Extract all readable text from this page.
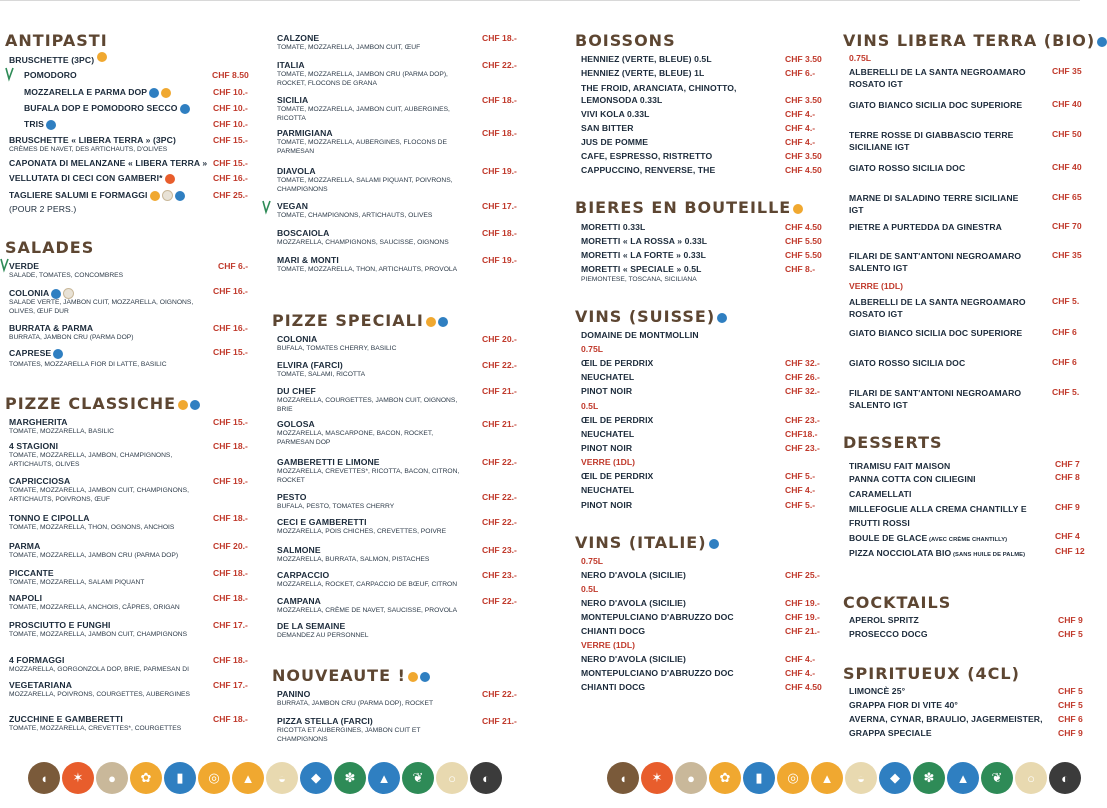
ANTIPASTI
BRUSCHETTE (3PC)
POMODORO	CHF 8.50
MOZZARELLA E PARMA DOP	CHF 10.-
BUFALA DOP E POMODORO SECCO	CHF 10.-
TRIS	CHF 10.-
BRUSCHETTE « LIBERA TERRA » (3PC)
CRÈMES DE NAVET, DES ARTICHAUTS, D'OLIVES
CHF 15.-
CAPONATA DI MELANZANE « LIBERA TERRA » CHF 15.-
VELLUTATA DI CECI CON GAMBERI*	CHF 16.-
TAGLIERE SALUMI E FORMAGGI
(POUR 2 PERS.)
CHF 25.-
SALADES
VERDE
SALADE, TOMATES, CONCOMBRES
CHF 6.-
COLONIA
SALADE VERTE, JAMBON CUIT, MOZZARELLA, OIGNONS, OLIVES, ŒUF DUR
CHF 16.-
BURRATA & PARMA
BURRATA, JAMBON CRU (PARMA DOP)
CHF 16.-
CAPRESE
TOMATES, MOZZARELLA FIOR DI LATTE, BASILIC
CHF 15.-
PIZZE CLASSICHE
MARGHERITA
TOMATE, MOZZARELLA, BASILIC
CHF 15.-
4 STAGIONI
TOMATE, MOZZARELLA, JAMBON, CHAMPIGNONS, ARTICHAUTS, OLIVES
CHF 18.-
CAPRICCIOSA
TOMATE, MOZZARELLA, JAMBON CUIT, CHAMPIGNONS, ARTICHAUTS, POIVRONS, ŒUF
CHF 19.-
TONNO E CIPOLLA
TOMATE, MOZZARELLA, THON, OGNONS, ANCHOIS
CHF 18.-
PARMA
TOMATE, MOZZARELLA, JAMBON CRU (PARMA DOP)
CHF 20.-
PICCANTE
TOMATE, MOZZARELLA, SALAMI PIQUANT
CHF 18.-
NAPOLI
TOMATE, MOZZARELLA, ANCHOIS, CÂPRES, ORIGAN
CHF 18.-
PROSCIUTTO E FUNGHI
TOMATE, MOZZARELLA, JAMBON CUIT, CHAMPIGNONS
CHF 17.-
4 FORMAGGI
MOZZARELLA, GORGONZOLA DOP, BRIE, PARMESAN DI
CHF 18.-
VEGETARIANA
MOZZARELLA, POIVRONS, COURGETTES, AUBERGINES
CHF 17.-
ZUCCHINE E GAMBERETTI
TOMATE, MOZZARELLA, CREVETTES*, COURGETTES
CHF 18.-
CALZONE
TOMATE, MOZZARELLA, JAMBON CUIT, ŒUF
CHF 18.-
ITALIA
TOMATE, MOZZARELLA, JAMBON CRU (PARMA DOP), ROCKET, FLOCONS DE GRANA
CHF 22.-
SICILIA
TOMATE, MOZZARELLA, JAMBON CUIT, AUBERGINES, RICOTTA
CHF 18.-
PARMIGIANA
TOMATE, MOZZARELLA, AUBERGINES, FLOCONS DE PARMESAN
CHF 18.-
DIAVOLA
TOMATE, MOZZARELLA, SALAMI PIQUANT, POIVRONS, CHAMPIGNONS
CHF 19.-
VEGAN
TOMATE, CHAMPIGNONS, ARTICHAUTS, OLIVES
CHF 17.-
BOSCAIOLA
MOZZARELLA, CHAMPIGNONS, SAUCISSE, OIGNONS
CHF 18.-
MARI & MONTI
TOMATE, MOZZARELLA, THON, ARTICHAUTS, PROVOLA
CHF 19.-
COLONIA
BUFALA, TOMATES CHERRY, BASILIC
CHF 20.-
ELVIRA (FARCI)
TOMATE, SALAMI, RICOTTA
CHF 22.-
DU CHEF
MOZZARELLA, COURGETTES, JAMBON CUIT, OIGNONS, BRIE
CHF 21.-
GOLOSA
MOZZARELLA, MASCARPONE, BACON, ROCKET, PARMESAN DOP
CHF 21.-
GAMBERETTI E LIMONE
MOZZARELLA, CREVETTES*, RICOTTA, BACON, CITRON, ROCKET
CHF 22.-
PESTO
BUFALA, PESTO, TOMATES CHERRY
CHF 22.-
CECI E GAMBERETTI
MOZZARELLA, POIS CHICHES, CREVETTES, POIVRE
CHF 22.-
SALMONE
MOZZARELLA, BURRATA, SALMON, PISTACHES
CHF 23.-
CARPACCIO
MOZZARELLA, ROCKET, CARPACCIO DE BŒUF, CITRON
CHF 23.-
CAMPANA
MOZZARELLA, CRÈME DE NAVET, SAUCISSE, PROVOLA
CHF 22.-
DE LA SEMAINE
DEMANDEZ AU PERSONNEL
PANINO
BURRATA, JAMBON CRU (PARMA DOP), ROCKET
CHF 22.-
PIZZA STELLA (FARCI)
RICOTTA ET AUBERGINES, JAMBON CUIT ET CHAMPIGNONS
CHF 21.-
PIZZE SPECIALI
NOUVEAUTE !
BOISSONS
BIERES EN BOUTEILLE
VINS (SUISSE)
VINS (ITALIE)
HENNIEZ (VERTE, BLEUE) 0.5L	CHF 3.50
HENNIEZ (VERTE, BLEUE) 1L	CHF 6.-
THE FROID, ARANCIATA, CHINOTTO,
LEMONSODA 0.33L	CHF 3.50
VIVI KOLA 0.33L	CHF 4.-
SAN BITTER	CHF 4.-
JUS DE POMME	CHF 4.-
CAFE, ESPRESSO, RISTRETTO	CHF 3.50
CAPPUCCINO, RENVERSE, THE	CHF 4.50
MORETTI 0.33L	CHF 4.50
MORETTI « LA ROSSA » 0.33L	CHF 5.50
MORETTI « LA FORTE » 0.33L	CHF 5.50
MORETTI « SPECIALE » 0.5L
PIEMONTESE, TOSCANA, SICILIANA
CHF 8.-
DOMAINE DE MONTMOLLIN
0.75L
ŒIL DE PERDRIX	CHF 32.-
NEUCHATEL	CHF 26.-
PINOT NOIR	CHF 32.-
0.5L
ŒIL DE PERDRIX	CHF 23.-
NEUCHATEL	CHF18.-
PINOT NOIR	CHF 23.-
VERRE (1DL)
ŒIL DE PERDRIX	CHF 5.-
NEUCHATEL	CHF 4.-
PINOT NOIR	CHF 5.-
0.75L
NERO D'AVOLA (SICILIE)	CHF 25.-
0.5L
NERO D'AVOLA (SICILIE)	CHF 19.-
MONTEPULCIANO D'ABRUZZO DOC	CHF 19.-
CHIANTI DOCG	CHF 21.-
VERRE (1DL)
NERO D'AVOLA (SICILIE)	CHF 4.-
MONTEPULCIANO D'ABRUZZO DOC	CHF 4.-
CHIANTI DOCG	CHF 4.50
VINS LIBERA TERRA (BIO)
DESSERTS
COCKTAILS
SPIRITUEUX (4CL)
0.75L
ALBERELLI DE LA SANTA NEGROAMARO ROSATO IGT
CHF 35
GIATO BIANCO SICILIA DOC SUPERIORE	CHF 40
TERRE ROSSE DI GIABBASCIO TERRE SICILIANE IGT
CHF 50
GIATO ROSSO SICILIA DOC	CHF 40
MARNE DI SALADINO TERRE SICILIANE IGT
CHF 65
PIETRE A PURTEDDA DA GINESTRA	CHF 70
FILARI DE SANT'ANTONI NEGROAMARO SALENTO IGT
CHF 35
VERRE (1DL)
ALBERELLI DE LA SANTA NEGROAMARO ROSATO IGT
CHF 5.
GIATO BIANCO SICILIA DOC SUPERIORE	CHF 6
GIATO ROSSO SICILIA DOC	CHF 6
FILARI DE SANT'ANTONI NEGROAMARO SALENTO IGT
CHF 5.
TIRAMISU FAIT MAISON	CHF 7
PANNA COTTA CON CILIEGINI	CHF 8
CARAMELLATI
MILLEFOGLIE ALLA CREMA CHANTILLY E FRUTTI ROSSI
CHF 9
BOULE DE GLACE (AVEC CRÈME CHANTILLY)	CHF 4
PIZZA NOCCIOLATA BIO (SANS HUILE DE PALME)	CHF 12
APEROL SPRITZ	CHF 9
PROSECCO DOCG	CHF 5
LIMONCÈ 25°	CHF 5
GRAPPA FIOR DI VITE 40°	CHF 5
AVERNA, CYNAR, BRAULIO, JAGERMEISTER, CHF 6
GRAPPA SPECIALE	CHF 9
◖	✶	●	✿	▮	◎	▲	◒	◆	✽	▲	❦	○	◐	◖	✶	●	✿	▮	◎	▲	◒	◆	✽	▲	❦	○	◐
